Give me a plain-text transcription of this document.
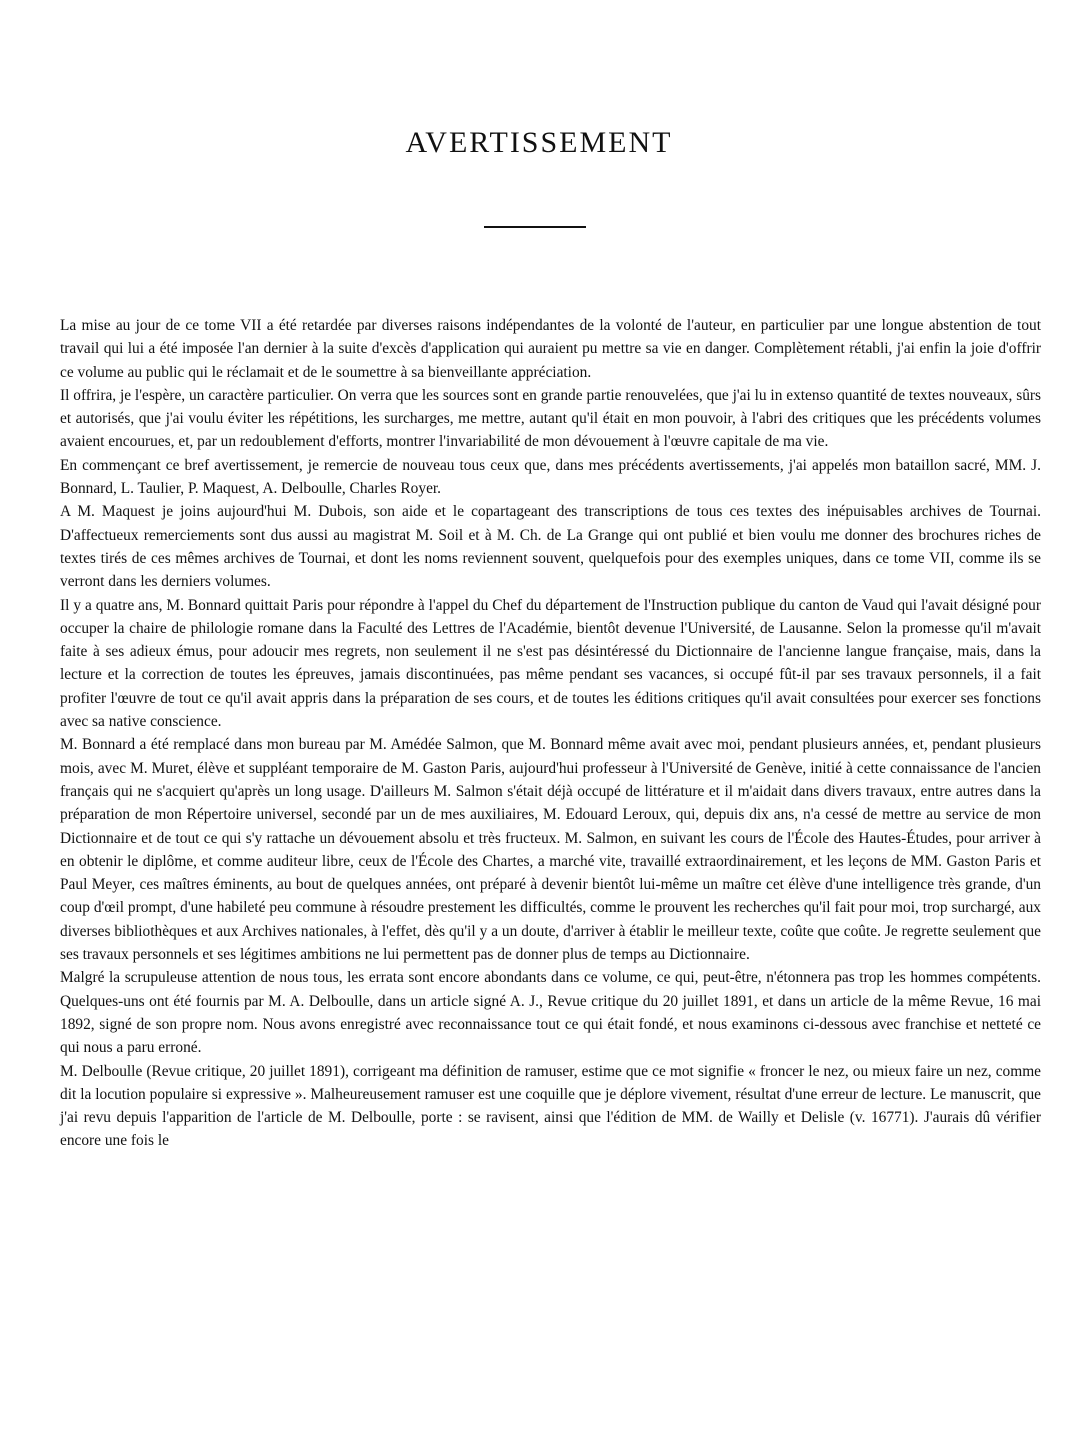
AVERTISSEMENT

La mise au jour de ce tome VII a été retardée par diverses raisons indépendantes de la volonté de l'auteur, en particulier par une longue abstention de tout travail qui lui a été imposée l'an dernier à la suite d'excès d'application qui auraient pu mettre sa vie en danger. Complètement rétabli, j'ai enfin la joie d'offrir ce volume au public qui le réclamait et de le soumettre à sa bienveillante appréciation.

Il offrira, je l'espère, un caractère particulier. On verra que les sources sont en grande partie renouvelées, que j'ai lu in extenso quantité de textes nouveaux, sûrs et autorisés, que j'ai voulu éviter les répétitions, les surcharges, me mettre, autant qu'il était en mon pouvoir, à l'abri des critiques que les précédents volumes avaient encourues, et, par un redoublement d'efforts, montrer l'invariabilité de mon dévouement à l'œuvre capitale de ma vie.

En commençant ce bref avertissement, je remercie de nouveau tous ceux que, dans mes précédents avertissements, j'ai appelés mon bataillon sacré, MM. J. Bonnard, L. Taulier, P. Maquest, A. Delboulle, Charles Royer.

A M. Maquest je joins aujourd'hui M. Dubois, son aide et le copartageant des transcriptions de tous ces textes des inépuisables archives de Tournai. D'affectueux remerciements sont dus aussi au magistrat M. Soil et à M. Ch. de La Grange qui ont publié et bien voulu me donner des brochures riches de textes tirés de ces mêmes archives de Tournai, et dont les noms reviennent souvent, quelquefois pour des exemples uniques, dans ce tome VII, comme ils se verront dans les derniers volumes.

Il y a quatre ans, M. Bonnard quittait Paris pour répondre à l'appel du Chef du département de l'Instruction publique du canton de Vaud qui l'avait désigné pour occuper la chaire de philologie romane dans la Faculté des Lettres de l'Académie, bientôt devenue l'Université, de Lausanne. Selon la promesse qu'il m'avait faite à ses adieux émus, pour adoucir mes regrets, non seulement il ne s'est pas désintéressé du Dictionnaire de l'ancienne langue française, mais, dans la lecture et la correction de toutes les épreuves, jamais discontinuées, pas même pendant ses vacances, si occupé fût-il par ses travaux personnels, il a fait profiter l'œuvre de tout ce qu'il avait appris dans la préparation de ses cours, et de toutes les éditions critiques qu'il avait consultées pour exercer ses fonctions avec sa native conscience.

M. Bonnard a été remplacé dans mon bureau par M. Amédée Salmon, que M. Bonnard même avait avec moi, pendant plusieurs années, et, pendant plusieurs mois, avec M. Muret, élève et suppléant temporaire de M. Gaston Paris, aujourd'hui professeur à l'Université de Genève, initié à cette connaissance de l'ancien français qui ne s'acquiert qu'après un long usage. D'ailleurs M. Salmon s'était déjà occupé de littérature et il m'aidait dans divers travaux, entre autres dans la préparation de mon Répertoire universel, secondé par un de mes auxiliaires, M. Edouard Leroux, qui, depuis dix ans, n'a cessé de mettre au service de mon Dictionnaire et de tout ce qui s'y rattache un dévouement absolu et très fructeux. M. Salmon, en suivant les cours de l'École des Hautes-Études, pour arriver à en obtenir le diplôme, et comme auditeur libre, ceux de l'École des Chartes, a marché vite, travaillé extraordinairement, et les leçons de MM. Gaston Paris et Paul Meyer, ces maîtres éminents, au bout de quelques années, ont préparé à devenir bientôt lui-même un maître cet élève d'une intelligence très grande, d'un coup d'œil prompt, d'une habileté peu commune à résoudre prestement les difficultés, comme le prouvent les recherches qu'il fait pour moi, trop surchargé, aux diverses bibliothèques et aux Archives nationales, à l'effet, dès qu'il y a un doute, d'arriver à établir le meilleur texte, coûte que coûte. Je regrette seulement que ses travaux personnels et ses légitimes ambitions ne lui permettent pas de donner plus de temps au Dictionnaire.

Malgré la scrupuleuse attention de nous tous, les errata sont encore abondants dans ce volume, ce qui, peut-être, n'étonnera pas trop les hommes compétents. Quelques-uns ont été fournis par M. A. Delboulle, dans un article signé A. J., Revue critique du 20 juillet 1891, et dans un article de la même Revue, 16 mai 1892, signé de son propre nom. Nous avons enregistré avec reconnaissance tout ce qui était fondé, et nous examinons ci-dessous avec franchise et netteté ce qui nous a paru erroné.

M. Delboulle (Revue critique, 20 juillet 1891), corrigeant ma définition de ramuser, estime que ce mot signifie « froncer le nez, ou mieux faire un nez, comme dit la locution populaire si expressive ». Malheureusement ramuser est une coquille que je déplore vivement, résultat d'une erreur de lecture. Le manuscrit, que j'ai revu depuis l'apparition de l'article de M. Delboulle, porte : se ravisent, ainsi que l'édition de MM. de Wailly et Delisle (v. 16771). J'aurais dû vérifier encore une fois le
